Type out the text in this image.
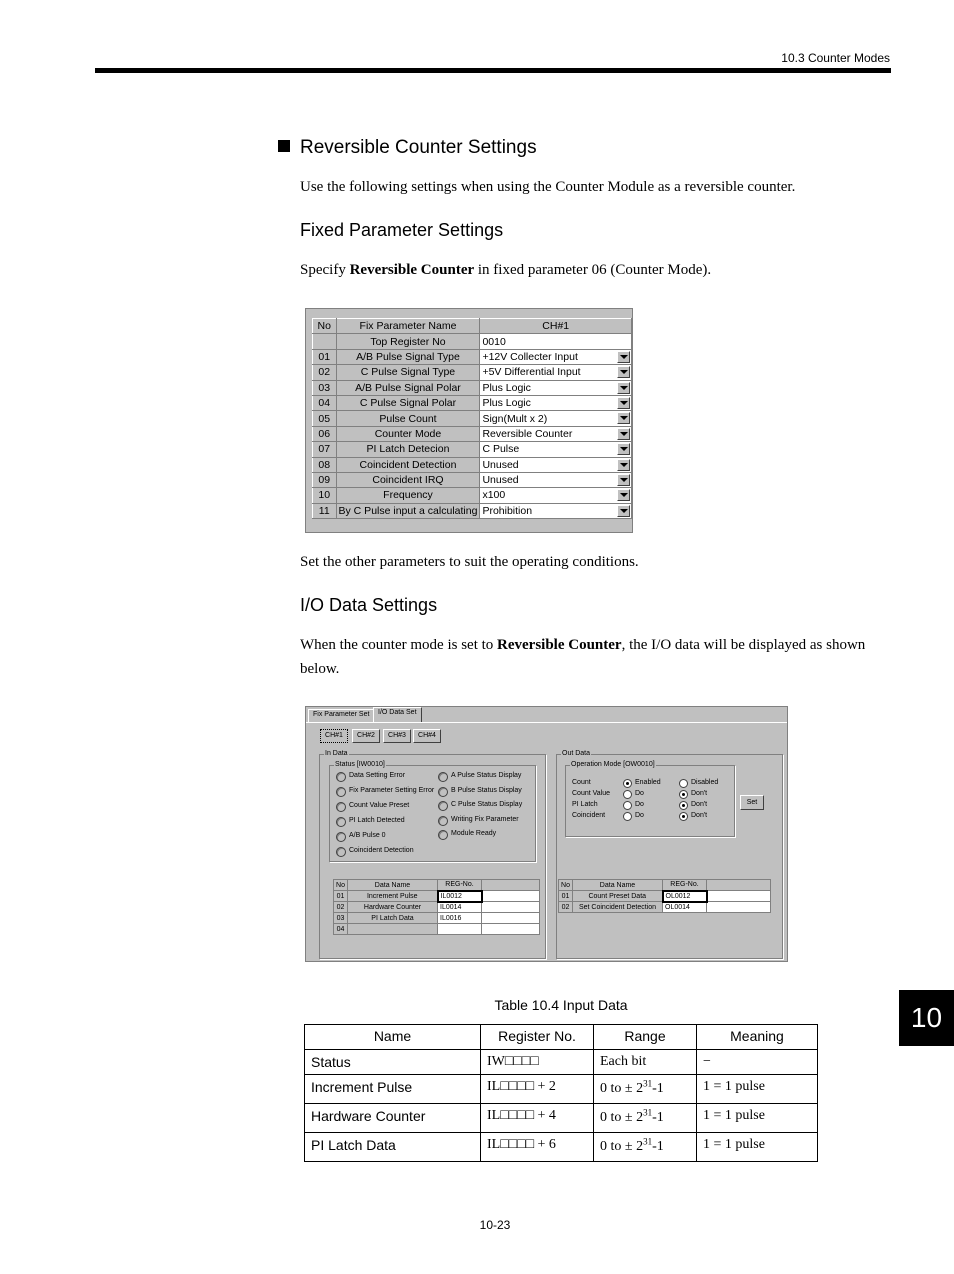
10.3 Counter Modes
Reversible Counter Settings
Use the following settings when using the Counter Module as a reversible counter.
Fixed Parameter Settings
Specify Reversible Counter in fixed parameter 06 (Counter Mode).
No	Fix Parameter Name	CH#1
	Top Register No	0010
01	A/B Pulse Signal Type	+12V Collecter Input

02	C Pulse Signal Type	+5V Differential Input

03	A/B Pulse Signal Polar	Plus Logic

04	C Pulse Signal Polar	Plus Logic

05	Pulse Count	Sign(Mult x 2)

06	Counter Mode	Reversible Counter

07	PI Latch Detecion	C Pulse

08	Coincident Detection	Unused

09	Coincident IRQ	Unused

10	Frequency	x100

11	By C Pulse input a calculating	Prohibition
Set the other parameters to suit the operating conditions.
I/O Data Settings
When the counter mode is set to Reversible Counter, the I/O data will be displayed as shown below.
Fix Parameter Set	I/O Data Set
CH#1	CH#2	CH#3	CH#4
In Data
Status [IW0010]
Data Setting Error
Fix Parameter Setting Error
Count Value Preset
PI Latch Detected
A/B Pulse 0
Coincident Detection
A Pulse Status Display
B Pulse Status Display
C Pulse Status Display
Writing Fix Parameter
Module Ready
No	Data Name	REG-No.	
01	Increment Pulse	IL0012	
02	Hardware Counter	IL0014	
03	PI Latch Data	IL0016	
04			
Out Data
Operation Mode [OW0010]
Count	Enabled	Disabled
Count Value	Do	Don't
PI Latch	Do	Don't
Coincident	Do	Don't
Set
No	Data Name	REG-No.	
01	Count Preset Data	OL0012	
02	Set Coincident Detection	OL0014	
Table 10.4 Input Data
Name	Register No.	Range	Meaning
Status	IW□□□□	Each bit	−
Increment Pulse	IL□□□□ + 2	0 to ± $2^{31}-1$	1 = 1 pulse
Hardware Counter	IL□□□□ + 4	0 to ± $2^{31}-1$	1 = 1 pulse
PI Latch Data	IL□□□□ + 6	0 to ± $2^{31}-1$	1 = 1 pulse
10
10-23
